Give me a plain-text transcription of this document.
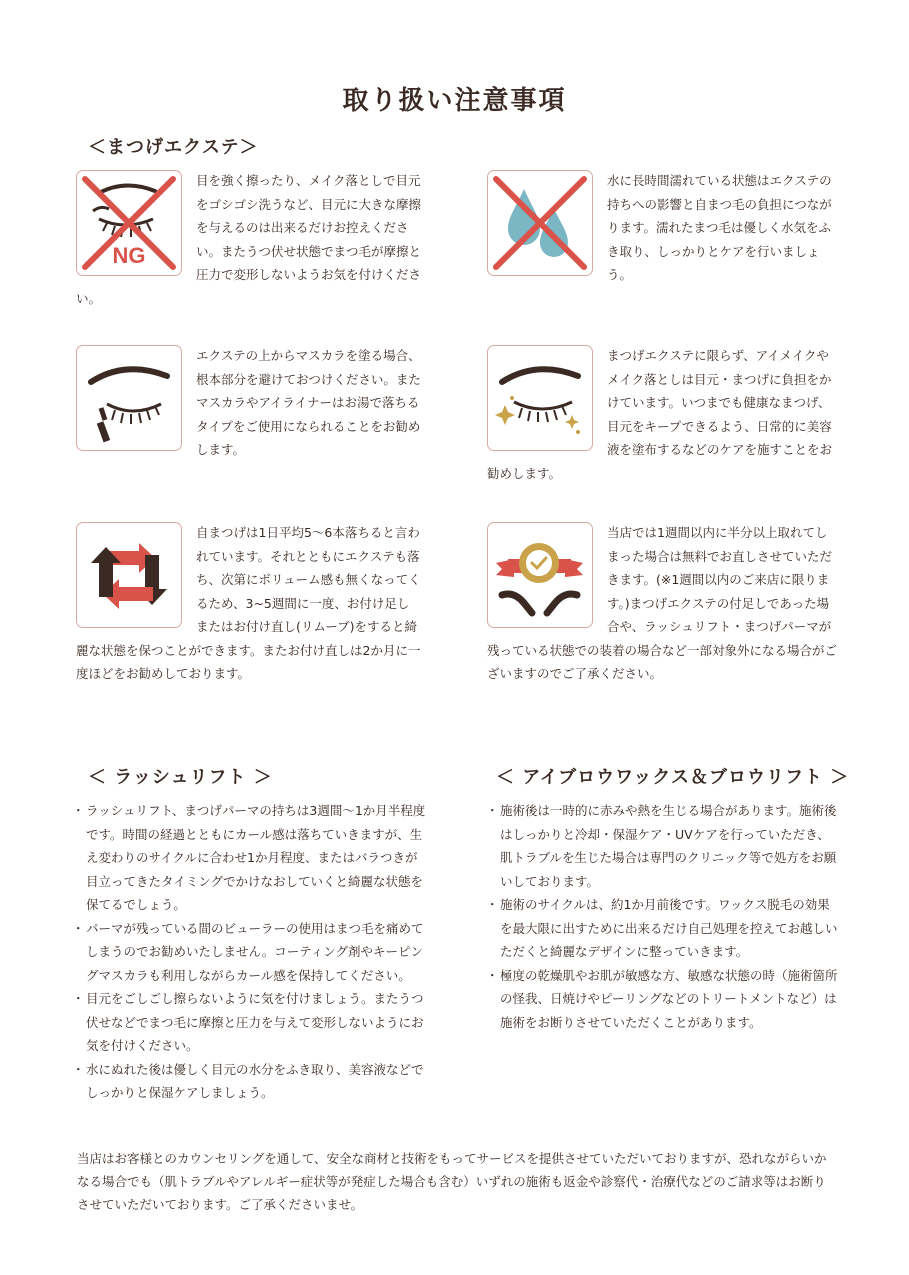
取り扱い注意事項
＜まつげエクステ＞
NG
目を強く擦ったり、メイク落としで目元をゴシゴシ洗うなど、目元に大きな摩擦を与えるのは出来るだけお控えください。またうつ伏せ状態でまつ毛が摩擦と圧力で変形しないようお気を付けください。
水に長時間濡れている状態はエクステの持ちへの影響と自まつ毛の負担につながります。濡れたまつ毛は優しく水気をふき取り、しっかりとケアを行いましょう。
エクステの上からマスカラを塗る場合、根本部分を避けておつけください。またマスカラやアイライナーはお湯で落ちるタイプをご使用になられることをお勧めします。
まつげエクステに限らず、アイメイクやメイク落としは目元・まつげに負担をかけています。いつまでも健康なまつげ、目元をキープできるよう、日常的に美容液を塗布するなどのケアを施すことをお勧めします。
自まつげは1日平均5～6本落ちると言われています。それとともにエクステも落ち、次第にボリューム感も無くなってくるため、3~5週間に一度、お付け足しまたはお付け直し(リムーブ)をすると綺麗な状態を保つことができます。またお付け直しは2か月に一度ほどをお勧めしております。
当店では1週間以内に半分以上取れてしまった場合は無料でお直しさせていただきます。(※1週間以内のご来店に限ります。)まつげエクステの付足しであった場合や、ラッシュリフト・まつげパーマが残っている状態での装着の場合など一部対象外になる場合がございますのでご了承ください。
＜ ラッシュリフト ＞
・ ラッシュリフト、まつげパーマの持ちは3週間～1か月半程度です。時間の経過とともにカール感は落ちていきますが、生え変わりのサイクルに合わせ1か月程度、またはバラつきが目立ってきたタイミングでかけなおしていくと綺麗な状態を保てるでしょう。
・ パーマが残っている間のビューラーの使用はまつ毛を痛めてしまうのでお勧めいたしません。コーティング剤やキーピングマスカラも利用しながらカール感を保持してください。
・ 目元をごしごし擦らないように気を付けましょう。またうつ伏せなどでまつ毛に摩擦と圧力を与えて変形しないようにお気を付けください。
・ 水にぬれた後は優しく目元の水分をふき取り、美容液などでしっかりと保湿ケアしましょう。
＜ アイブロウワックス＆ブロウリフト ＞
・ 施術後は一時的に赤みや熱を生じる場合があります。施術後はしっかりと冷却・保湿ケア・UVケアを行っていただき、肌トラブルを生じた場合は専門のクリニック等で処方をお願いしております。
・ 施術のサイクルは、約1か月前後です。ワックス脱毛の効果を最大限に出すために出来るだけ自己処理を控えてお越しいただくと綺麗なデザインに整っていきます。
・ 極度の乾燥肌やお肌が敏感な方、敏感な状態の時（施術箇所の怪我、日焼けやピーリングなどのトリートメントなど）は施術をお断りさせていただくことがあります。
当店はお客様とのカウンセリングを通して、安全な商材と技術をもってサービスを提供させていただいておりますが、恐れながらいかなる場合でも（肌トラブルやアレルギー症状等が発症した場合も含む）いずれの施術も返金や診察代・治療代などのご請求等はお断りさせていただいております。ご了承くださいませ。
